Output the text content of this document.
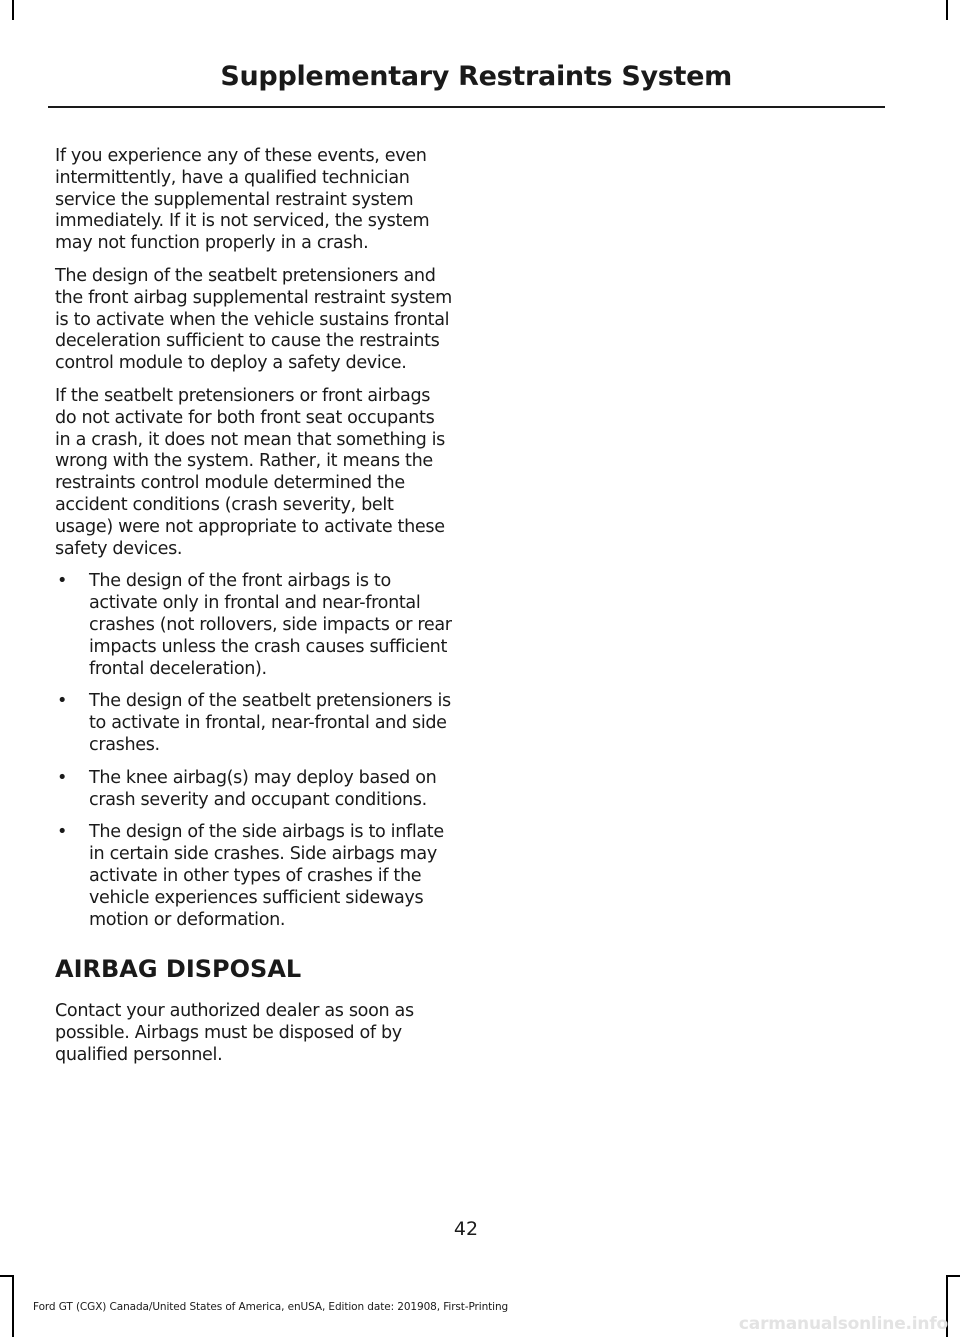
Supplementary Restraints System

If you experience any of these events, even intermittently, have a qualified technician service the supplemental restraint system immediately. If it is not serviced, the system may not function properly in a crash.

The design of the seatbelt pretensioners and the front airbag supplemental restraint system is to activate when the vehicle sustains frontal deceleration sufficient to cause the restraints control module to deploy a safety device.

If the seatbelt pretensioners or front airbags do not activate for both front seat occupants in a crash, it does not mean that something is wrong with the system. Rather, it means the restraints control module determined the accident conditions (crash severity, belt usage) were not appropriate to activate these safety devices.

• The design of the front airbags is to activate only in frontal and near-frontal crashes (not rollovers, side impacts or rear impacts unless the crash causes sufficient frontal deceleration).
• The design of the seatbelt pretensioners is to activate in frontal, near-frontal and side crashes.
• The knee airbag(s) may deploy based on crash severity and occupant conditions.
• The design of the side airbags is to inflate in certain side crashes. Side airbags may activate in other types of crashes if the vehicle experiences sufficient sideways motion or deformation.
AIRBAG DISPOSAL

Contact your authorized dealer as soon as possible. Airbags must be disposed of by qualified personnel.

42
Ford GT (CGX) Canada/United States of America, enUSA, Edition date: 201908, First-Printing
carmanualsonline.info
